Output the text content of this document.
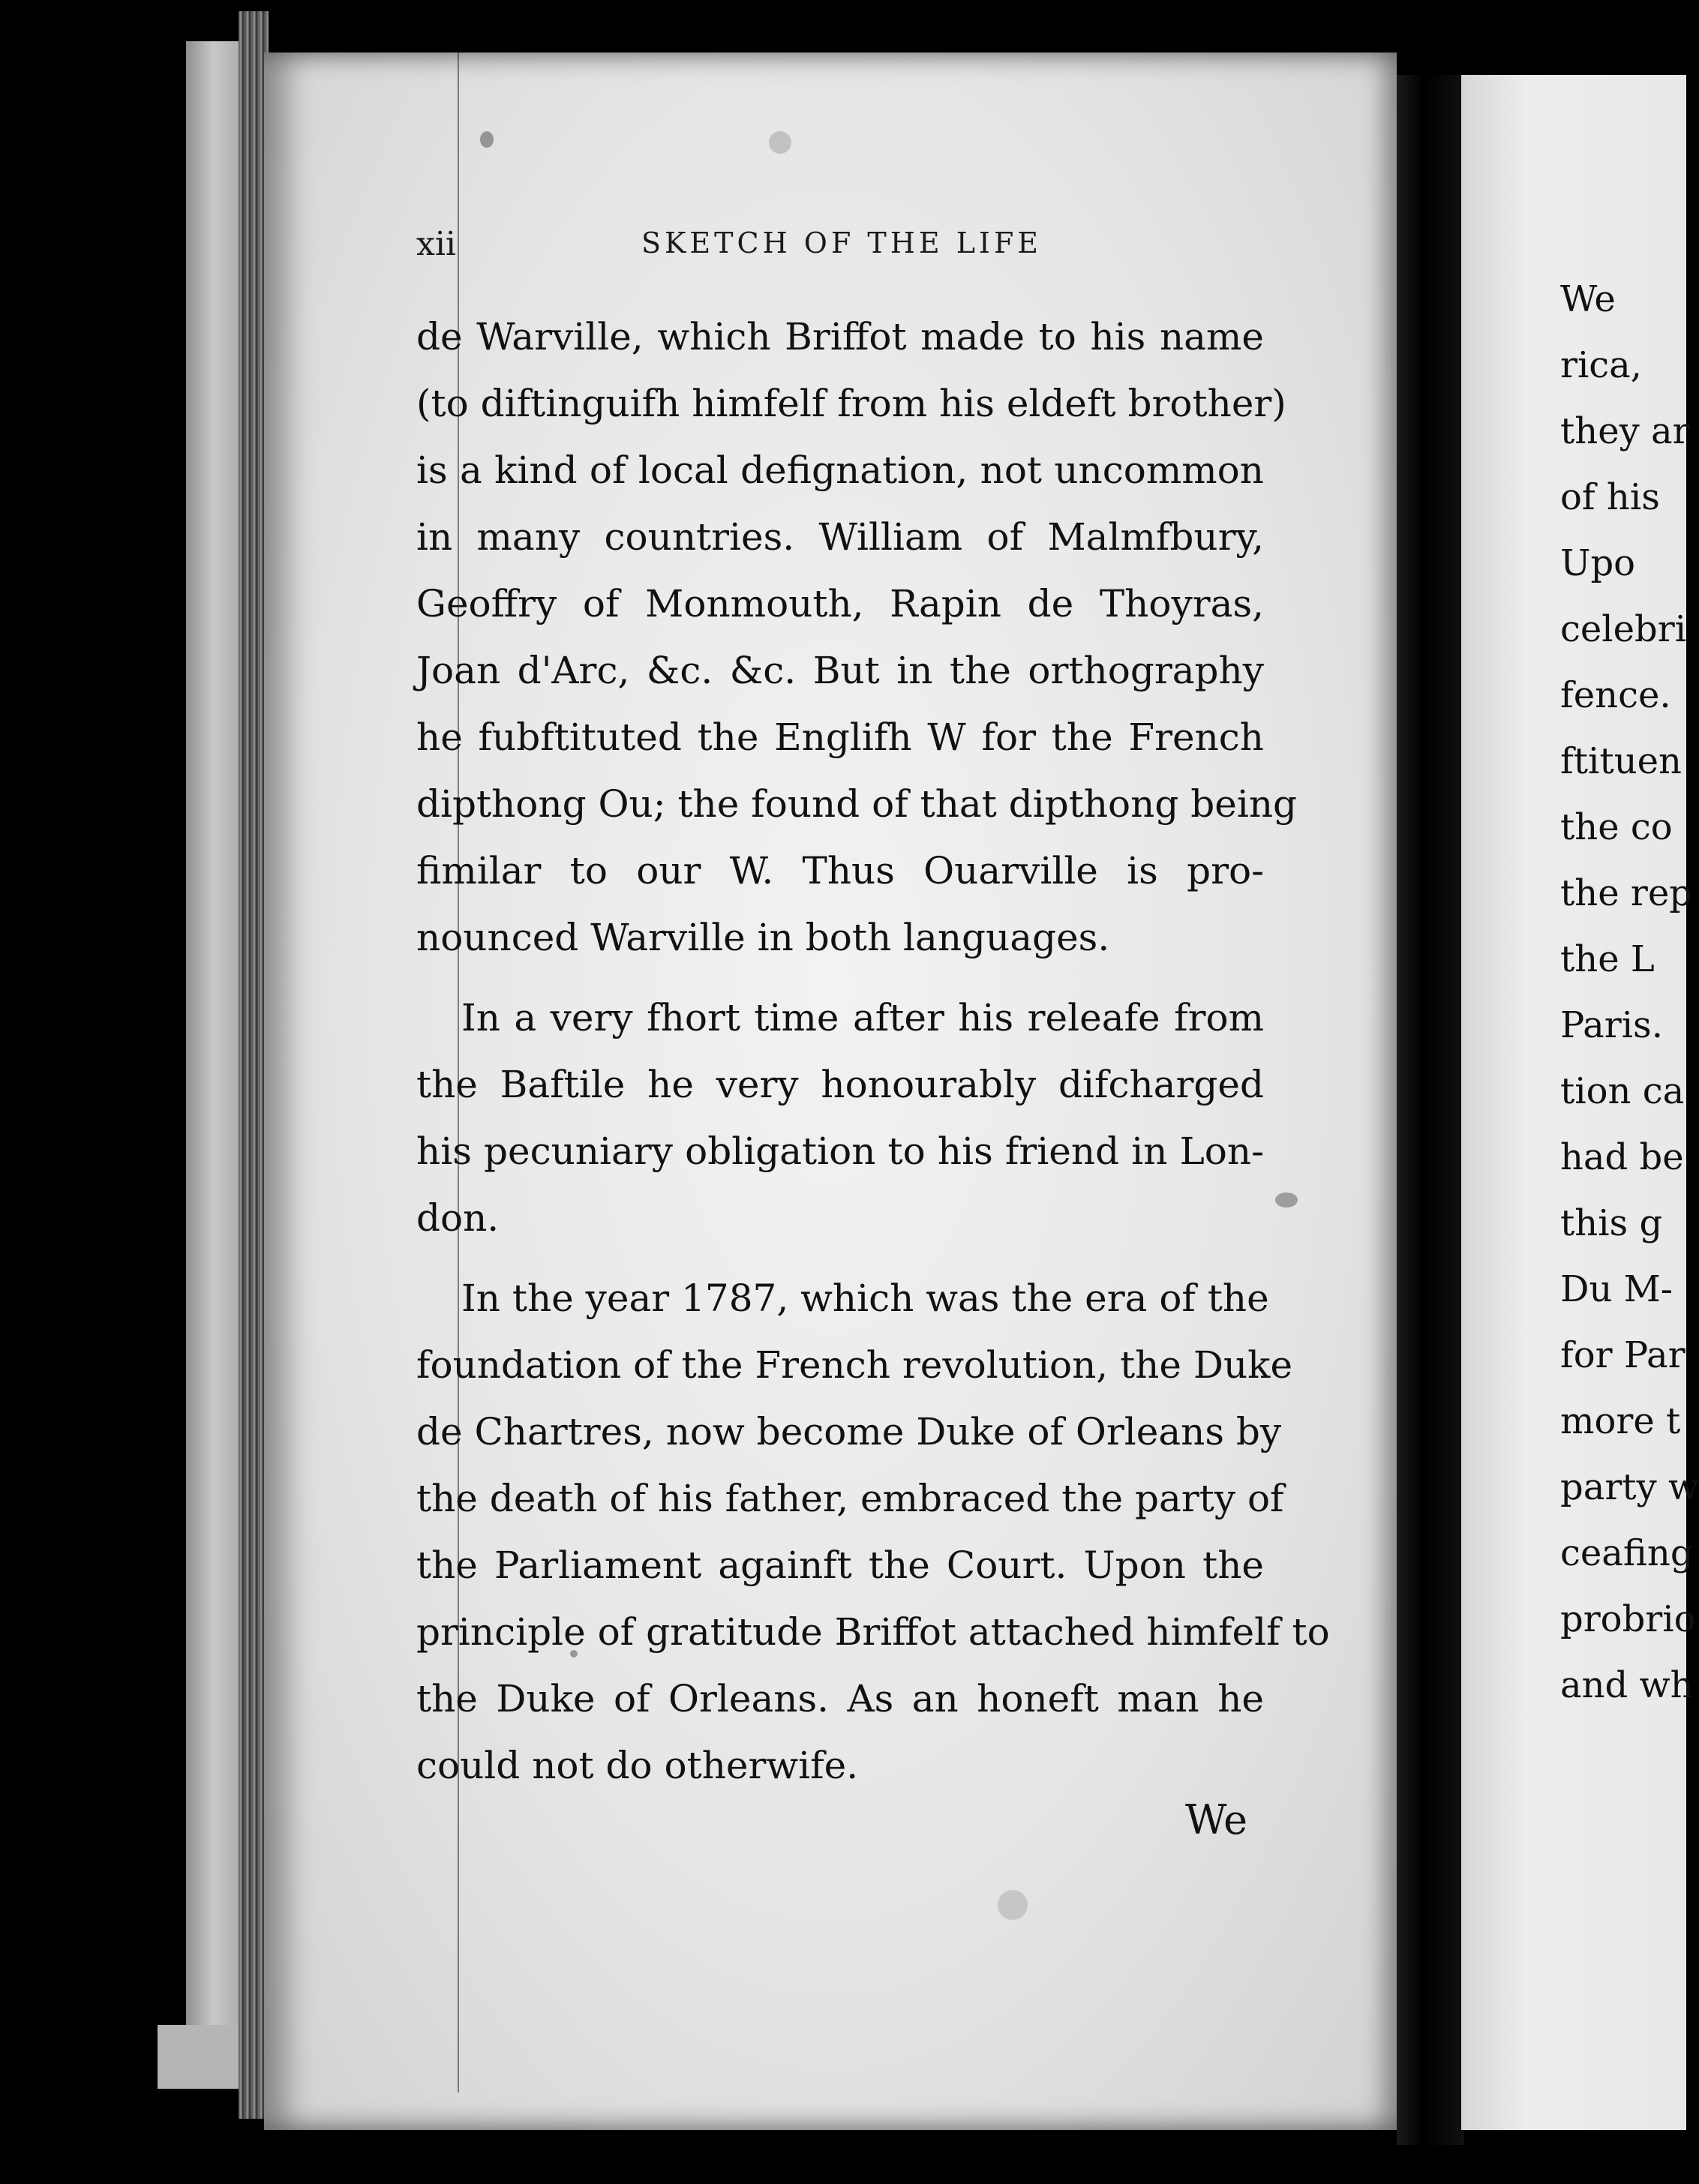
xii	SKETCH OF THE LIFE
de Warville, which Briffot made to his name
(to diftinguifh himfelf from his eldeft brother)
is a kind of local defignation, not uncommon
in many countries. William of Malmfbury,
Geoffry of Monmouth, Rapin de Thoyras,
Joan d'Arc, &c. &c. But in the orthography
he fubftituted the Englifh W for the French
dipthong Ou; the found of that dipthong being
fimilar to our W. Thus Ouarville is pro-
nounced Warville in both languages.
In a very fhort time after his releafe from
the Baftile he very honourably difcharged
his pecuniary obligation to his friend in Lon-
don.
In the year 1787, which was the era of the
foundation of the French revolution, the Duke
de Chartres, now become Duke of Orleans by
the death of his father, embraced the party of
the Parliament againft the Court. Upon the
principle of gratitude Briffot attached himfelf to
the Duke of Orleans. As an honeft man he
could not do otherwife.
We
We
rica,
they ar
of his
Upo
celebri
fence.
ftituen
the co
the rep
the L
Paris.
tion ca
had be
this g
Du M-
for Par
more t
party w
ceafing
probrio
and wh
